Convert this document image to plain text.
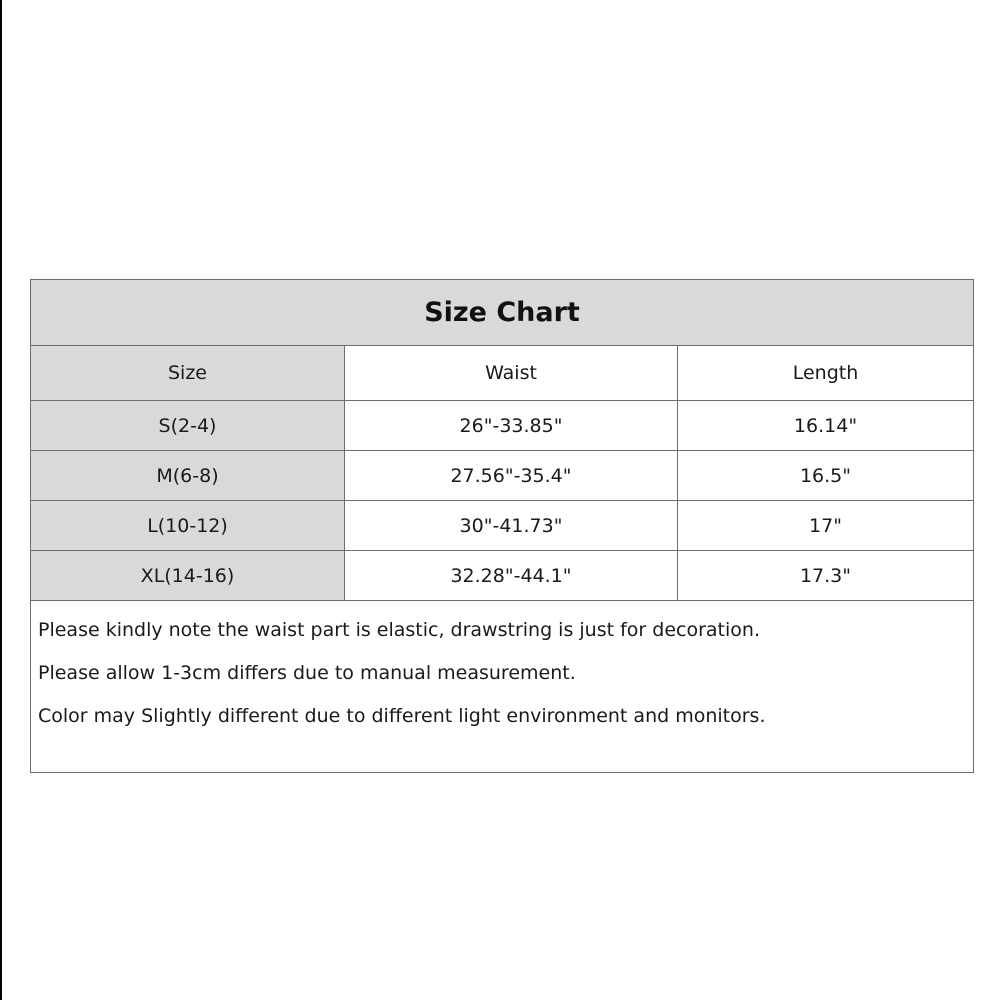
Size Chart		
Size	Waist	Length
S(2-4)	26"-33.85"	16.14"
M(6-8)	27.56"-35.4"	16.5"
L(10-12)	30"-41.73"	17"
XL(14-16)	32.28"-44.1"	17.3"

Please kindly note the waist part is elastic, drawstring is just for decoration.
Please allow 1-3cm differs due to manual measurement.
Color may Slightly different due to different light environment and monitors.		
